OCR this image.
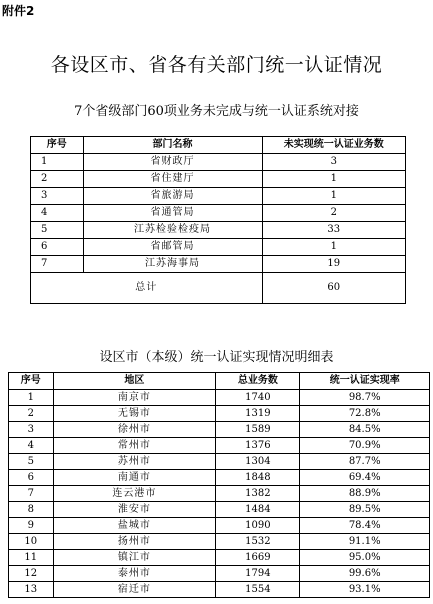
附件2
各设区市、省各有关部门统一认证情况
7个省级部门60项业务未完成与统一认证系统对接
序号	部门名称	未实现统一认证业务数
1	省财政厅	3
2	省住建厅	1
3	省旅游局	1
4	省通管局	2
5	江苏检验检疫局	33
6	省邮管局	1
7	江苏海事局	19
总计		60
设区市（本级）统一认证实现情况明细表
序号	地区	总业务数	统一认证实现率
1	南京市	1740	98.7%
2	无锡市	1319	72.8%
3	徐州市	1589	84.5%
4	常州市	1376	70.9%
5	苏州市	1304	87.7%
6	南通市	1848	69.4%
7	连云港市	1382	88.9%
8	淮安市	1484	89.5%
9	盐城市	1090	78.4%
10	扬州市	1532	91.1%
11	镇江市	1669	95.0%
12	泰州市	1794	99.6%
13	宿迁市	1554	93.1%
